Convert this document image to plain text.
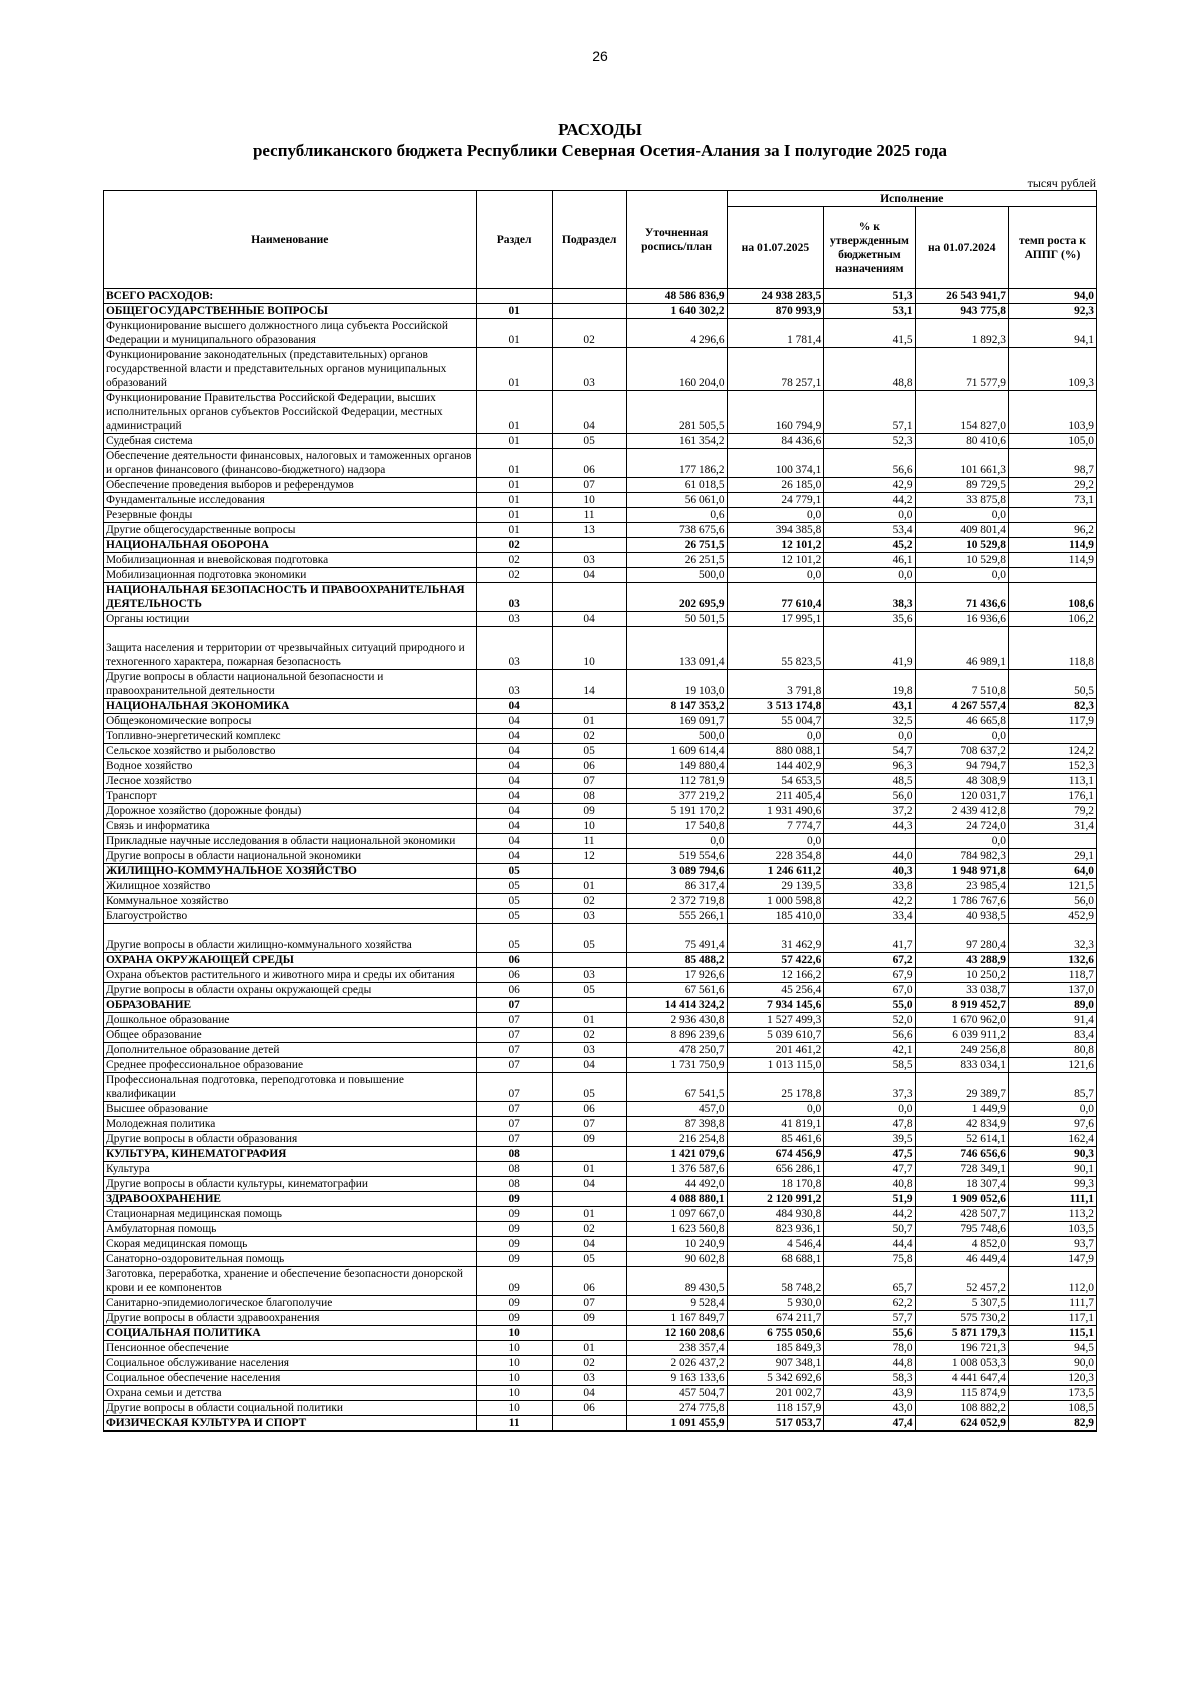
26
РАСХОДЫ
республиканского бюджета Республики Северная Осетия-Алания за I полугодие 2025 года
тысяч рублей
Наименование	Раздел	Подраздел	Уточненная роспись/план	Исполнение			
				на 01.07.2025	% к утвержденным бюджетным назначениям	на 01.07.2024	темп роста к АППГ (%)
ВСЕГО РАСХОДОВ:			48 586 836,9	24 938 283,5	51,3	26 543 941,7	94,0
ОБЩЕГОСУДАРСТВЕННЫЕ ВОПРОСЫ	01		1 640 302,2	870 993,9	53,1	943 775,8	92,3
Функционирование высшего должностного лица субъекта Российской Федерации и муниципального образования	01	02	4 296,6	1 781,4	41,5	1 892,3	94,1
Функционирование законодательных (представительных) органов государственной власти и представительных органов муниципальных образований	01	03	160 204,0	78 257,1	48,8	71 577,9	109,3
Функционирование Правительства Российской Федерации, высших исполнительных органов субъектов Российской Федерации, местных администраций	01	04	281 505,5	160 794,9	57,1	154 827,0	103,9
Судебная система	01	05	161 354,2	84 436,6	52,3	80 410,6	105,0
Обеспечение деятельности финансовых, налоговых и таможенных органов и органов финансового (финансово-бюджетного) надзора	01	06	177 186,2	100 374,1	56,6	101 661,3	98,7
Обеспечение проведения выборов и референдумов	01	07	61 018,5	26 185,0	42,9	89 729,5	29,2
Фундаментальные исследования	01	10	56 061,0	24 779,1	44,2	33 875,8	73,1
Резервные фонды	01	11	0,6	0,0	0,0	0,0	
Другие общегосударственные вопросы	01	13	738 675,6	394 385,8	53,4	409 801,4	96,2
НАЦИОНАЛЬНАЯ ОБОРОНА	02		26 751,5	12 101,2	45,2	10 529,8	114,9
Мобилизационная и вневойсковая подготовка	02	03	26 251,5	12 101,2	46,1	10 529,8	114,9
Мобилизационная подготовка экономики	02	04	500,0	0,0	0,0	0,0	
НАЦИОНАЛЬНАЯ БЕЗОПАСНОСТЬ И ПРАВООХРАНИТЕЛЬНАЯ ДЕЯТЕЛЬНОСТЬ	03		202 695,9	77 610,4	38,3	71 436,6	108,6
Органы юстиции	03	04	50 501,5	17 995,1	35,6	16 936,6	106,2
Защита населения и территории от чрезвычайных ситуаций природного и техногенного характера, пожарная безопасность	03	10	133 091,4	55 823,5	41,9	46 989,1	118,8
Другие вопросы в области национальной безопасности и правоохранительной деятельности	03	14	19 103,0	3 791,8	19,8	7 510,8	50,5
НАЦИОНАЛЬНАЯ ЭКОНОМИКА	04		8 147 353,2	3 513 174,8	43,1	4 267 557,4	82,3
Общеэкономические вопросы	04	01	169 091,7	55 004,7	32,5	46 665,8	117,9
Топливно-энергетический комплекс	04	02	500,0	0,0	0,0	0,0	
Сельское хозяйство и рыболовство	04	05	1 609 614,4	880 088,1	54,7	708 637,2	124,2
Водное хозяйство	04	06	149 880,4	144 402,9	96,3	94 794,7	152,3
Лесное хозяйство	04	07	112 781,9	54 653,5	48,5	48 308,9	113,1
Транспорт	04	08	377 219,2	211 405,4	56,0	120 031,7	176,1
Дорожное хозяйство (дорожные фонды)	04	09	5 191 170,2	1 931 490,6	37,2	2 439 412,8	79,2
Связь и информатика	04	10	17 540,8	7 774,7	44,3	24 724,0	31,4
Прикладные научные исследования в области национальной экономики	04	11	0,0	0,0		0,0	
Другие вопросы в области национальной экономики	04	12	519 554,6	228 354,8	44,0	784 982,3	29,1
ЖИЛИЩНО-КОММУНАЛЬНОЕ ХОЗЯЙСТВО	05		3 089 794,6	1 246 611,2	40,3	1 948 971,8	64,0
Жилищное хозяйство	05	01	86 317,4	29 139,5	33,8	23 985,4	121,5
Коммунальное хозяйство	05	02	2 372 719,8	1 000 598,8	42,2	1 786 767,6	56,0
Благоустройство	05	03	555 266,1	185 410,0	33,4	40 938,5	452,9
Другие вопросы в области жилищно-коммунального хозяйства	05	05	75 491,4	31 462,9	41,7	97 280,4	32,3
ОХРАНА ОКРУЖАЮЩЕЙ СРЕДЫ	06		85 488,2	57 422,6	67,2	43 288,9	132,6
Охрана объектов растительного и животного мира и среды их обитания	06	03	17 926,6	12 166,2	67,9	10 250,2	118,7
Другие вопросы в области охраны окружающей среды	06	05	67 561,6	45 256,4	67,0	33 038,7	137,0
ОБРАЗОВАНИЕ	07		14 414 324,2	7 934 145,6	55,0	8 919 452,7	89,0
Дошкольное образование	07	01	2 936 430,8	1 527 499,3	52,0	1 670 962,0	91,4
Общее образование	07	02	8 896 239,6	5 039 610,7	56,6	6 039 911,2	83,4
Дополнительное образование детей	07	03	478 250,7	201 461,2	42,1	249 256,8	80,8
Среднее профессиональное образование	07	04	1 731 750,9	1 013 115,0	58,5	833 034,1	121,6
Профессиональная подготовка, переподготовка и повышение квалификации	07	05	67 541,5	25 178,8	37,3	29 389,7	85,7
Высшее образование	07	06	457,0	0,0	0,0	1 449,9	0,0
Молодежная политика	07	07	87 398,8	41 819,1	47,8	42 834,9	97,6
Другие вопросы в области образования	07	09	216 254,8	85 461,6	39,5	52 614,1	162,4
КУЛЬТУРА, КИНЕМАТОГРАФИЯ	08		1 421 079,6	674 456,9	47,5	746 656,6	90,3
Культура	08	01	1 376 587,6	656 286,1	47,7	728 349,1	90,1
Другие вопросы в области культуры, кинематографии	08	04	44 492,0	18 170,8	40,8	18 307,4	99,3
ЗДРАВООХРАНЕНИЕ	09		4 088 880,1	2 120 991,2	51,9	1 909 052,6	111,1
Стационарная медицинская помощь	09	01	1 097 667,0	484 930,8	44,2	428 507,7	113,2
Амбулаторная помощь	09	02	1 623 560,8	823 936,1	50,7	795 748,6	103,5
Скорая медицинская помощь	09	04	10 240,9	4 546,4	44,4	4 852,0	93,7
Санаторно-оздоровительная помощь	09	05	90 602,8	68 688,1	75,8	46 449,4	147,9
Заготовка, переработка, хранение и обеспечение безопасности донорской крови и ее компонентов	09	06	89 430,5	58 748,2	65,7	52 457,2	112,0
Санитарно-эпидемиологическое благополучие	09	07	9 528,4	5 930,0	62,2	5 307,5	111,7
Другие вопросы в области здравоохранения	09	09	1 167 849,7	674 211,7	57,7	575 730,2	117,1
СОЦИАЛЬНАЯ ПОЛИТИКА	10		12 160 208,6	6 755 050,6	55,6	5 871 179,3	115,1
Пенсионное обеспечение	10	01	238 357,4	185 849,3	78,0	196 721,3	94,5
Социальное обслуживание населения	10	02	2 026 437,2	907 348,1	44,8	1 008 053,3	90,0
Социальное обеспечение населения	10	03	9 163 133,6	5 342 692,6	58,3	4 441 647,4	120,3
Охрана семьи и детства	10	04	457 504,7	201 002,7	43,9	115 874,9	173,5
Другие вопросы в области социальной политики	10	06	274 775,8	118 157,9	43,0	108 882,2	108,5
ФИЗИЧЕСКАЯ КУЛЬТУРА И СПОРТ	11		1 091 455,9	517 053,7	47,4	624 052,9	82,9
